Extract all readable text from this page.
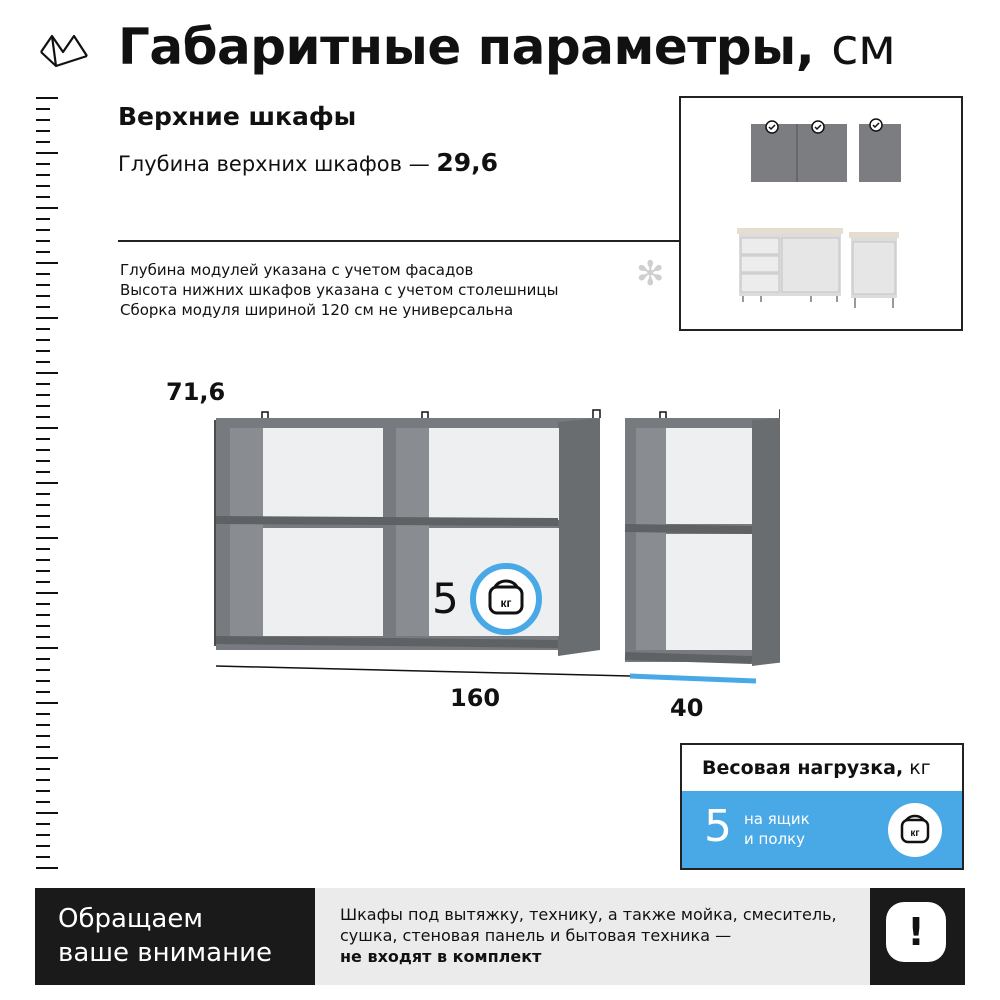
Габаритные параметры, см
Верхние шкафы
Глубина верхних шкафов — 29,6
Глубина модулей указана с учетом фасадов
Высота нижних шкафов указана с учетом столешницы
Сборка модуля шириной 120 см не универсальна
✻
71,6
160	40
5	кг
Весовая нагрузка, кг
5 на ящик
и полку	кг
Обращаем
ваше внимание
Шкафы под вытяжку, технику, а также мойка, смеситель,
сушка, стеновая панель и бытовая техника —
не входят в комплект
!
